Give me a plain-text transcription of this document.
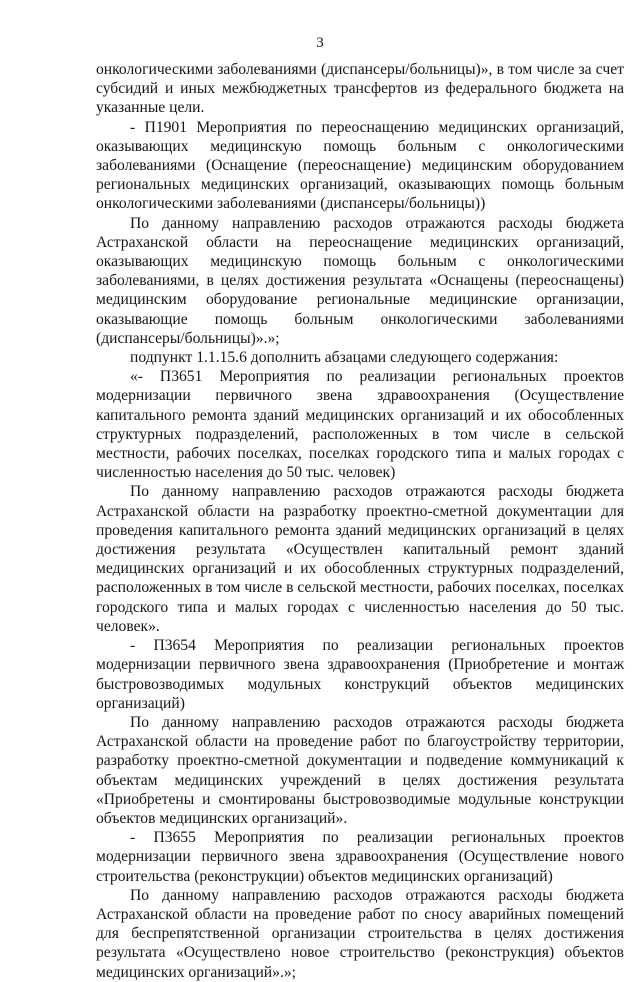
3

онкологическими заболеваниями (диспансеры/больницы)», в том числе за счет субсидий и иных межбюджетных трансфертов из федерального бюджета на указанные цели.

- П1901 Мероприятия по переоснащению медицинских организаций, оказывающих медицинскую помощь больным с онкологическими заболеваниями (Оснащение (переоснащение) медицинским оборудованием региональных медицинских организаций, оказывающих помощь больным онкологическими заболеваниями (диспансеры/больницы))

По данному направлению расходов отражаются расходы бюджета Астраханской области на переоснащение медицинских организаций, оказывающих медицинскую помощь больным с онкологическими заболеваниями, в целях достижения результата «Оснащены (переоснащены) медицинским оборудование региональные медицинские организации, оказывающие помощь больным онкологическими заболеваниями (диспансеры/больницы)».»;

подпункт 1.1.15.6 дополнить абзацами следующего содержания:

«- П3651 Мероприятия по реализации региональных проектов модернизации первичного звена здравоохранения (Осуществление капитального ремонта зданий медицинских организаций и их обособленных структурных подразделений, расположенных в том числе в сельской местности, рабочих поселках, поселках городского типа и малых городах с численностью населения до 50 тыс. человек)

По данному направлению расходов отражаются расходы бюджета Астраханской области на разработку проектно-сметной документации для проведения капитального ремонта зданий медицинских организаций в целях достижения результата «Осуществлен капитальный ремонт зданий медицинских организаций и их обособленных структурных подразделений, расположенных в том числе в сельской местности, рабочих поселках, поселках городского типа и малых городах с численностью населения до 50 тыс. человек».

- П3654 Мероприятия по реализации региональных проектов модернизации первичного звена здравоохранения (Приобретение и монтаж быстровозводимых модульных конструкций объектов медицинских организаций)

По данному направлению расходов отражаются расходы бюджета Астраханской области на проведение работ по благоустройству территории, разработку проектно-сметной документации и подведение коммуникаций к объектам медицинских учреждений в целях достижения результата «Приобретены и смонтированы быстровозводимые модульные конструкции объектов медицинских организаций».

- П3655 Мероприятия по реализации региональных проектов модернизации первичного звена здравоохранения (Осуществление нового строительства (реконструкции) объектов медицинских организаций)

По данному направлению расходов отражаются расходы бюджета Астраханской области на проведение работ по сносу аварийных помещений для беспрепятственной организации строительства в целях достижения результата «Осуществлено новое строительство (реконструкция) объектов медицинских организаций».»;
